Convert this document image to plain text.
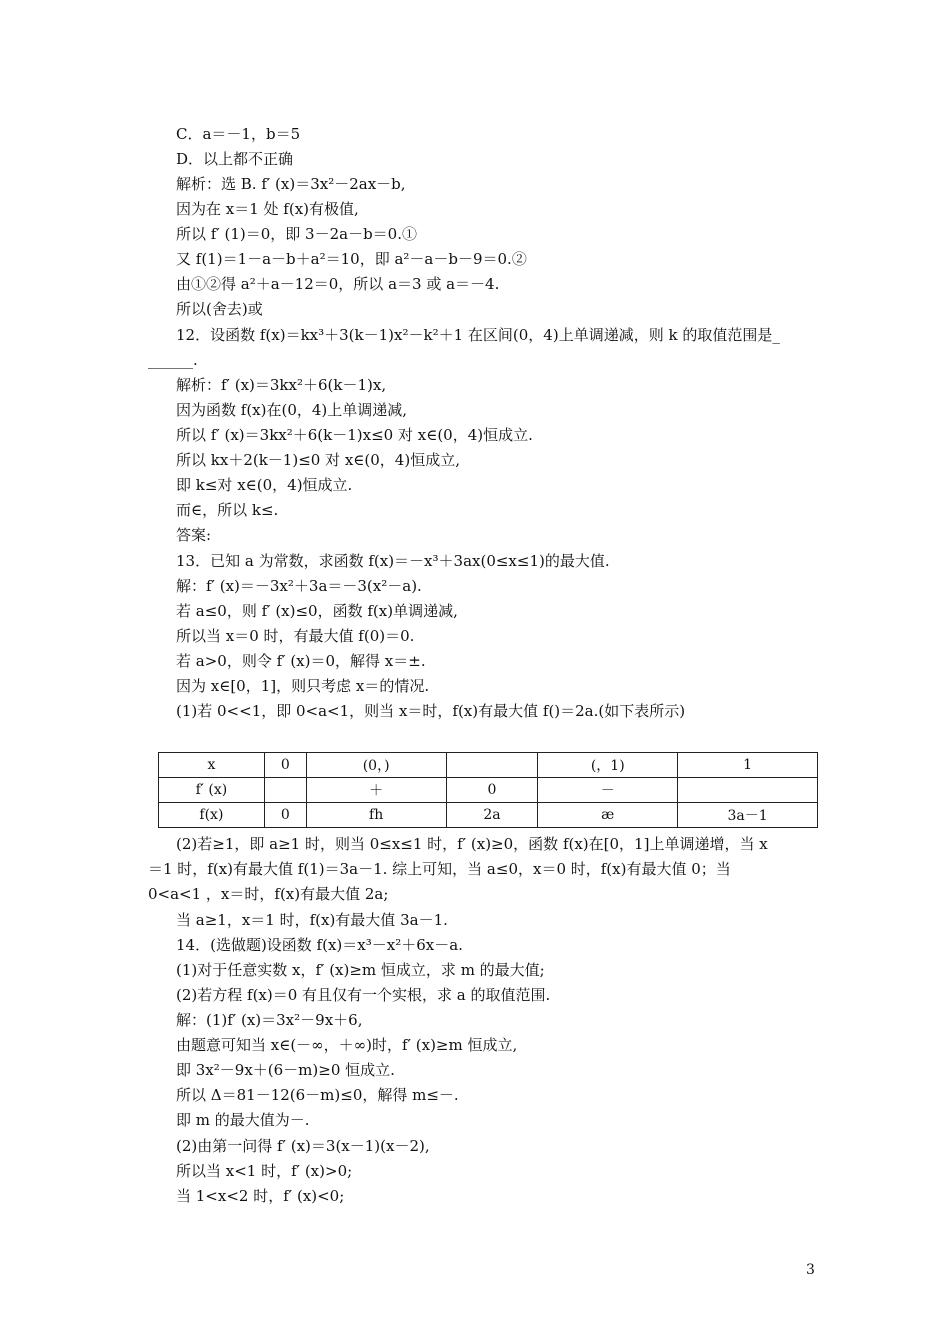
C．a＝－1，b＝5
D．以上都不正确
解析：选 B. f′ (x)＝3x²－2ax－b,
因为在 x＝1 处 f(x)有极值,
所以 f′ (1)＝0，即 3－2a－b＝0.①
又 f(1)＝1－a－b＋a²＝10，即 a²－a－b－9＝0.②
由①②得 a²＋a－12＝0，所以 a＝3 或 a＝－4.
所以(舍去)或
12．设函数 f(x)＝kx³＋3(k－1)x²－k²＋1 在区间(0，4)上单调递减，则 k 的取值范围是_
______.
解析：f′ (x)＝3kx²＋6(k－1)x,
因为函数 f(x)在(0，4)上单调递减,
所以 f′ (x)＝3kx²＋6(k－1)x≤0 对 x∈(0，4)恒成立.
所以 kx＋2(k－1)≤0 对 x∈(0，4)恒成立,
即 k≤对 x∈(0，4)恒成立.
而∈，所以 k≤.
答案:
13．已知 a 为常数，求函数 f(x)＝－x³＋3ax(0≤x≤1)的最大值.
解：f′ (x)＝－3x²＋3a＝－3(x²－a).
若 a≤0，则 f′ (x)≤0，函数 f(x)单调递减,
所以当 x＝0 时，有最大值 f(0)＝0.
若 a>0，则令 f′ (x)＝0，解得 x＝±.
因为 x∈[0，1]，则只考虑 x＝的情况.
(1)若 0<<1，即 0<a<1，则当 x＝时，f(x)有最大值 f()＝2a.(如下表所示)
x	0	(0，)		(，1)	1
f′ (x)		＋	0	－	
f(x)	0	fh	2a	æ	3a－1
(2)若≥1，即 a≥1 时，则当 0≤x≤1 时，f′ (x)≥0，函数 f(x)在[0，1]上单调递增，当 x
＝1 时，f(x)有最大值 f(1)＝3a－1. 综上可知，当 a≤0，x＝0 时，f(x)有最大值 0；当
0<a<1 ，x＝时，f(x)有最大值 2a;
当 a≥1，x＝1 时，f(x)有最大值 3a－1.
14．(选做题)设函数 f(x)＝x³－x²＋6x－a.
(1)对于任意实数 x，f′ (x)≥m 恒成立，求 m 的最大值;
(2)若方程 f(x)＝0 有且仅有一个实根，求 a 的取值范围.
解：(1)f′ (x)＝3x²－9x＋6,
由题意可知当 x∈(－∞，＋∞)时，f′ (x)≥m 恒成立,
即 3x²－9x＋(6－m)≥0 恒成立.
所以 Δ＝81－12(6－m)≤0，解得 m≤－.
即 m 的最大值为－.
(2)由第一问得 f′ (x)＝3(x－1)(x－2),
所以当 x<1 时，f′ (x)>0;
当 1<x<2 时，f′ (x)<0;
3
